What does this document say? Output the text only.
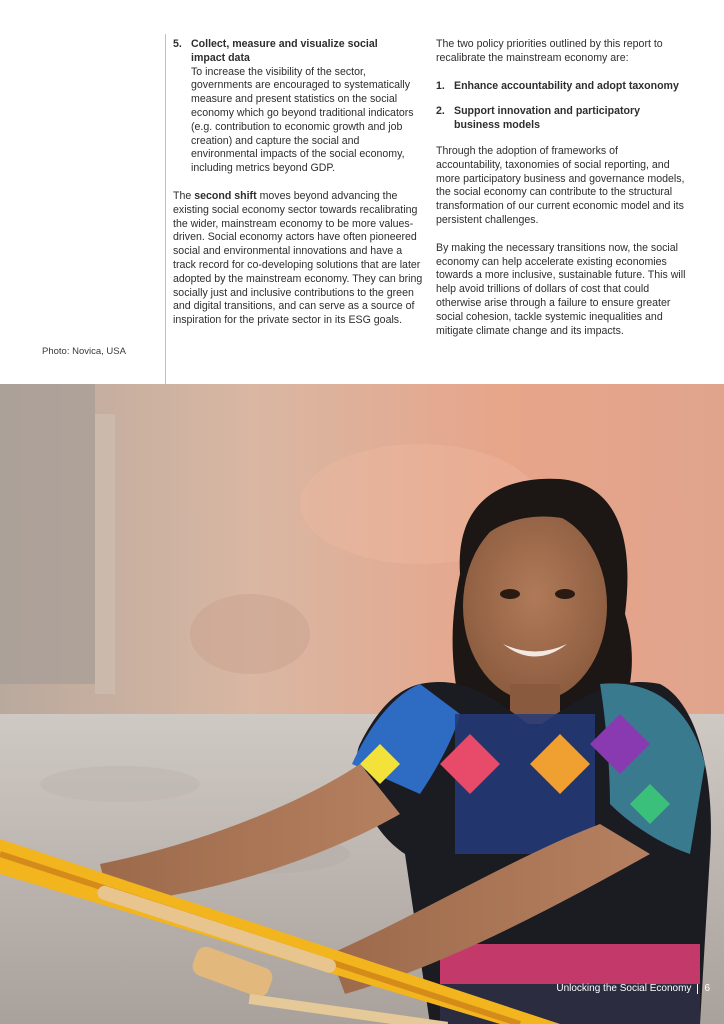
Photo: Novica, USA
5. Collect, measure and visualize social
impact data

To increase the visibility of the sector, governments are encouraged to systematically measure and present statistics on the social economy which go beyond traditional indicators (e.g. contribution to economic growth and job creation) and capture the social and environmental impacts of the social economy, including metrics beyond GDP.

The second shift moves beyond advancing the existing social economy sector towards recalibrating the wider, mainstream economy to be more values-driven. Social economy actors have often pioneered social and environmental innovations and have a track record for co-developing solutions that are later adopted by the mainstream economy. They can bring socially just and inclusive contributions to the green and digital transitions, and can serve as a source of inspiration for the private sector in its ESG goals.

The two policy priorities outlined by this report to recalibrate the mainstream economy are:

1. Enhance accountability and adopt taxonomy
2. Support innovation and participatory business models

Through the adoption of frameworks of accountability, taxonomies of social reporting, and more participatory business and governance models, the social economy can contribute to the structural transformation of our current economic model and its persistent challenges.

By making the necessary transitions now, the social economy can help accelerate existing economies towards a more inclusive, sustainable future. This will help avoid trillions of dollars of cost that could otherwise arise through a failure to ensure greater social cohesion, tackle systemic inequalities and mitigate climate change and its impacts.

Unlocking the Social Economy 6
